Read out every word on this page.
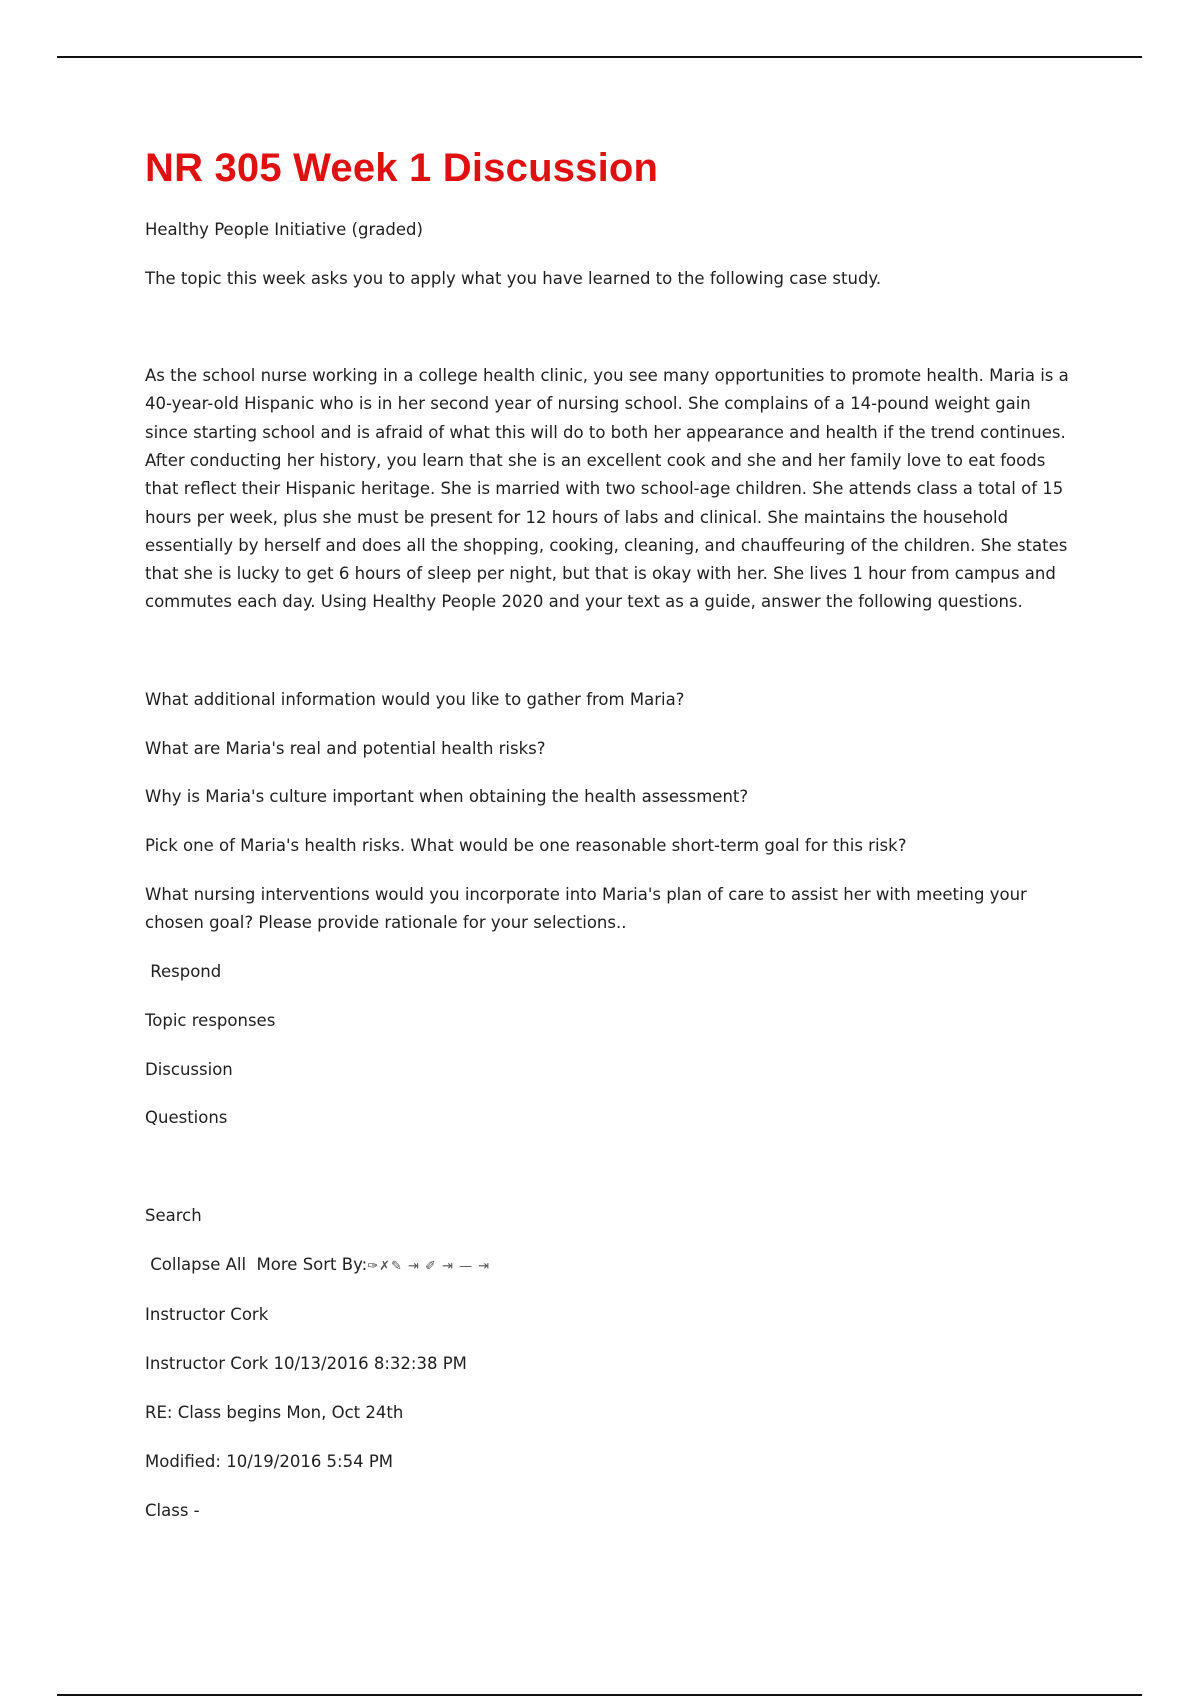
NR 305 Week 1 Discussion

Healthy People Initiative (graded)

The topic this week asks you to apply what you have learned to the following case study.

As the school nurse working in a college health clinic, you see many opportunities to promote health. Maria is a 40-year-old Hispanic who is in her second year of nursing school. She complains of a 14-pound weight gain since starting school and is afraid of what this will do to both her appearance and health if the trend continues. After conducting her history, you learn that she is an excellent cook and she and her family love to eat foods that reflect their Hispanic heritage. She is married with two school-age children. She attends class a total of 15 hours per week, plus she must be present for 12 hours of labs and clinical. She maintains the household essentially by herself and does all the shopping, cooking, cleaning, and chauffeuring of the children. She states that she is lucky to get 6 hours of sleep per night, but that is okay with her. She lives 1 hour from campus and commutes each day. Using Healthy People 2020 and your text as a guide, answer the following questions.

What additional information would you like to gather from Maria?

What are Maria's real and potential health risks?

Why is Maria's culture important when obtaining the health assessment?

Pick one of Maria's health risks. What would be one reasonable short-term goal for this risk?

What nursing interventions would you incorporate into Maria's plan of care to assist her with meeting your chosen goal? Please provide rationale for your selections..

Respond

Topic responses

Discussion

Questions

Search

Collapse All  More Sort By:✑✗✎ ⇥ ✐ ⇥ — ⇥

Instructor Cork

Instructor Cork 10/13/2016 8:32:38 PM

RE: Class begins Mon, Oct 24th

Modified: 10/19/2016 5:54 PM

Class -
